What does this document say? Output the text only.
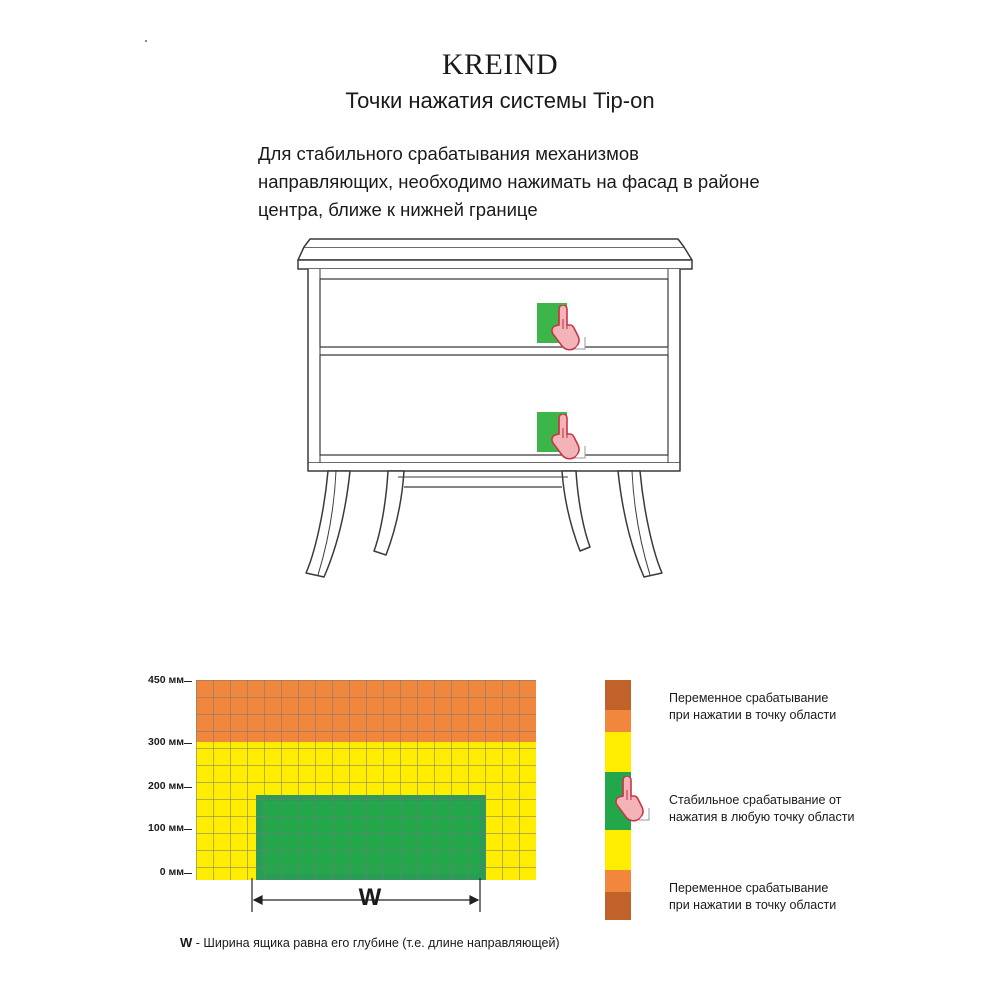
KREIND
Точки нажатия системы Tip-on
Для стабильного срабатывания механизмов направляющих, необходимо нажимать на фасад в районе центра, ближе к нижней границе
450 мм
300 мм
200 мм
100 мм
0 мм
W
W - Ширина ящика равна его глубине (т.е. длине направляющей)
Переменное срабатывание
при нажатии в точку области
Стабильное срабатывание от
нажатия в любую точку области
Переменное срабатывание
при нажатии в точку области
